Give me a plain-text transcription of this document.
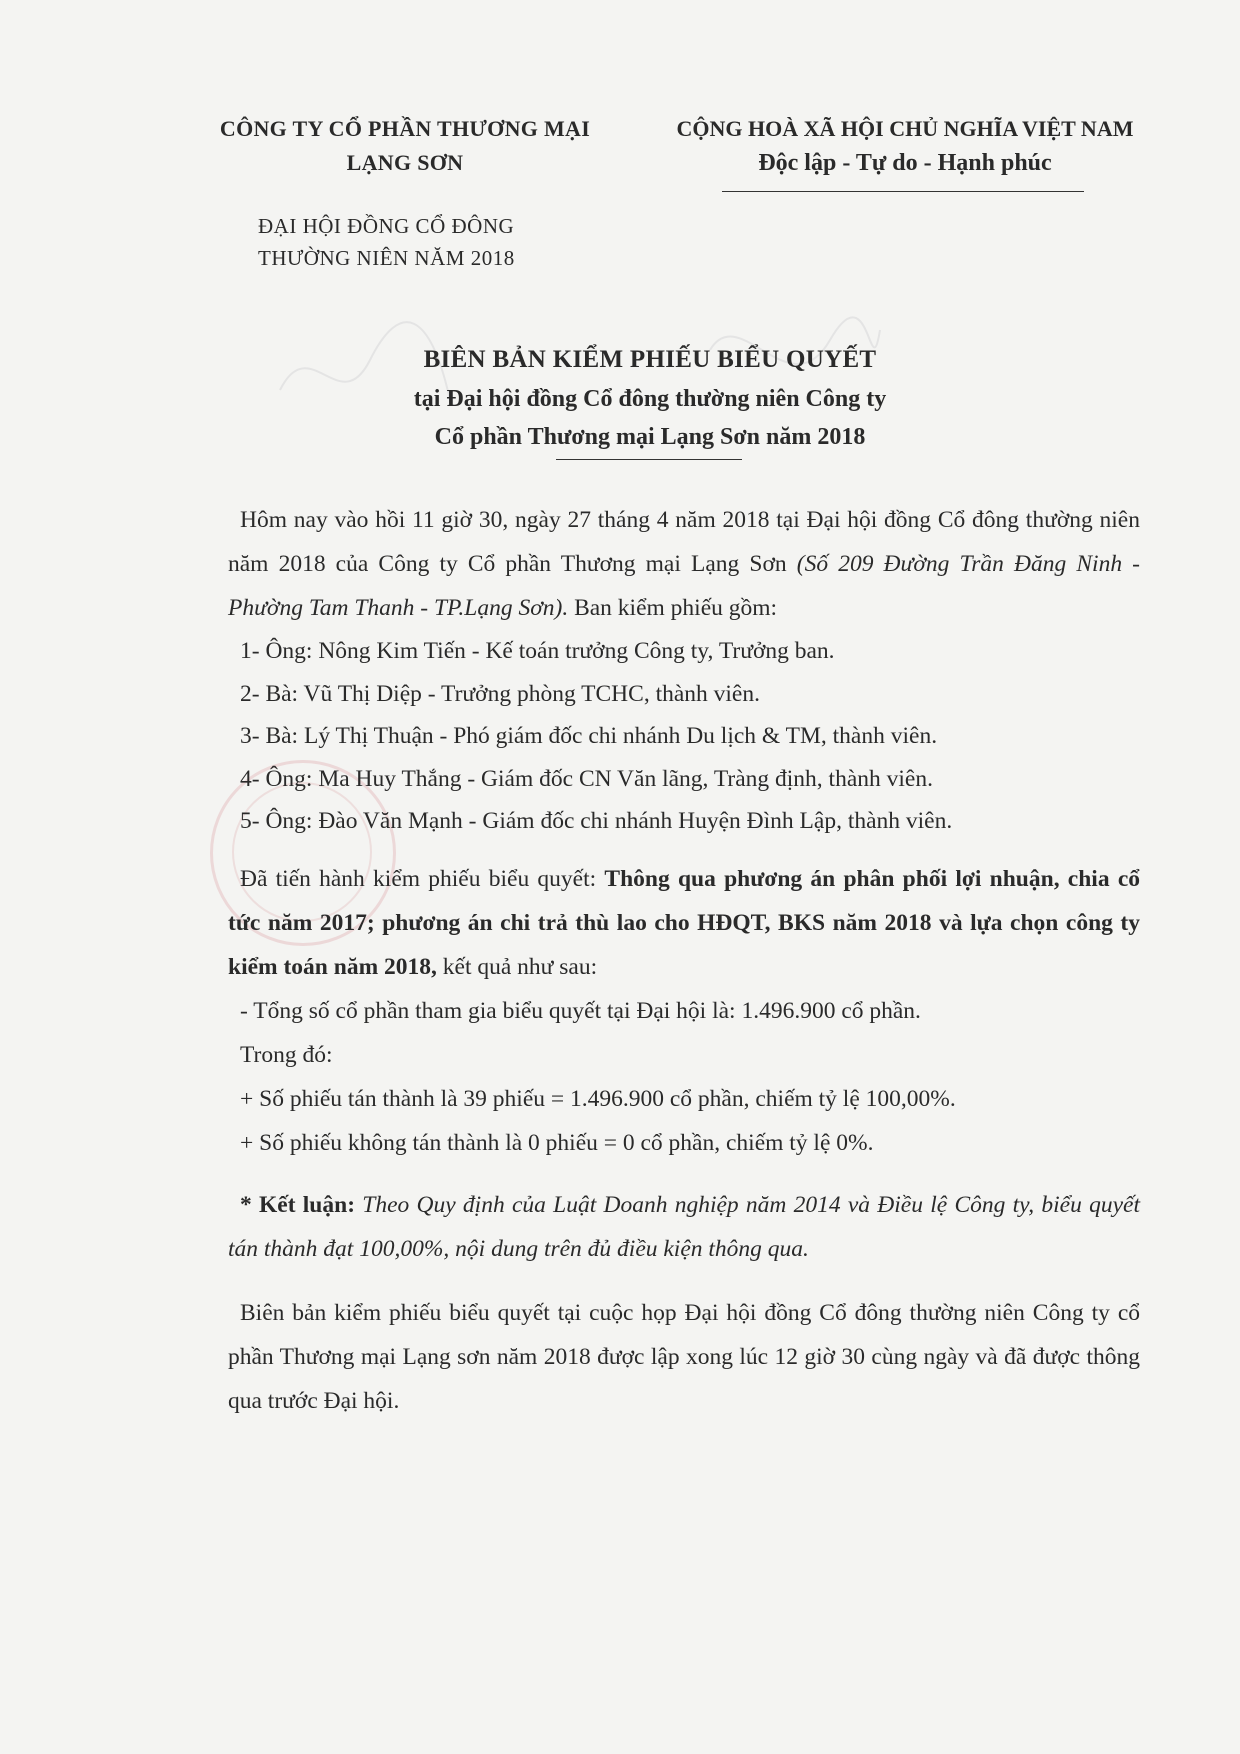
CÔNG TY CỔ PHẦN THƯƠNG MẠI
LẠNG SƠN
CỘNG HOÀ XÃ HỘI CHỦ NGHĨA VIỆT NAM
Độc lập - Tự do - Hạnh phúc
ĐẠI HỘI ĐỒNG CỔ ĐÔNG
THƯỜNG NIÊN NĂM 2018
BIÊN BẢN KIỂM PHIẾU BIỂU QUYẾT
tại Đại hội đồng Cổ đông thường niên Công ty
Cổ phần Thương mại Lạng Sơn năm 2018

Hôm nay vào hồi 11 giờ 30, ngày 27 tháng 4 năm 2018 tại Đại hội đồng Cổ đông thường niên năm 2018 của Công ty Cổ phần Thương mại Lạng Sơn (Số 209 Đường Trần Đăng Ninh - Phường Tam Thanh - TP.Lạng Sơn). Ban kiểm phiếu gồm:

1- Ông: Nông Kim Tiến - Kế toán trưởng Công ty, Trưởng ban.

2- Bà: Vũ Thị Diệp - Trưởng phòng TCHC, thành viên.

3- Bà: Lý Thị Thuận - Phó giám đốc chi nhánh Du lịch & TM, thành viên.

4- Ông: Ma Huy Thắng - Giám đốc CN Văn lãng, Tràng định, thành viên.

5- Ông: Đào Văn Mạnh - Giám đốc chi nhánh Huyện Đình Lập, thành viên.

Đã tiến hành kiểm phiếu biểu quyết: Thông qua phương án phân phối lợi nhuận, chia cổ tức năm 2017; phương án chi trả thù lao cho HĐQT, BKS năm 2018 và lựa chọn công ty kiểm toán năm 2018, kết quả như sau:

- Tổng số cổ phần tham gia biểu quyết tại Đại hội là: 1.496.900 cổ phần.

Trong đó:

+ Số phiếu tán thành là 39 phiếu = 1.496.900 cổ phần, chiếm tỷ lệ 100,00%.

+ Số phiếu không tán thành là 0 phiếu = 0 cổ phần, chiếm tỷ lệ 0%.

* Kết luận: Theo Quy định của Luật Doanh nghiệp năm 2014 và Điều lệ Công ty, biểu quyết tán thành đạt 100,00%, nội dung trên đủ điều kiện thông qua.

Biên bản kiểm phiếu biểu quyết tại cuộc họp Đại hội đồng Cổ đông thường niên Công ty cổ phần Thương mại Lạng sơn năm 2018 được lập xong lúc 12 giờ 30 cùng ngày và đã được thông qua trước Đại hội.
